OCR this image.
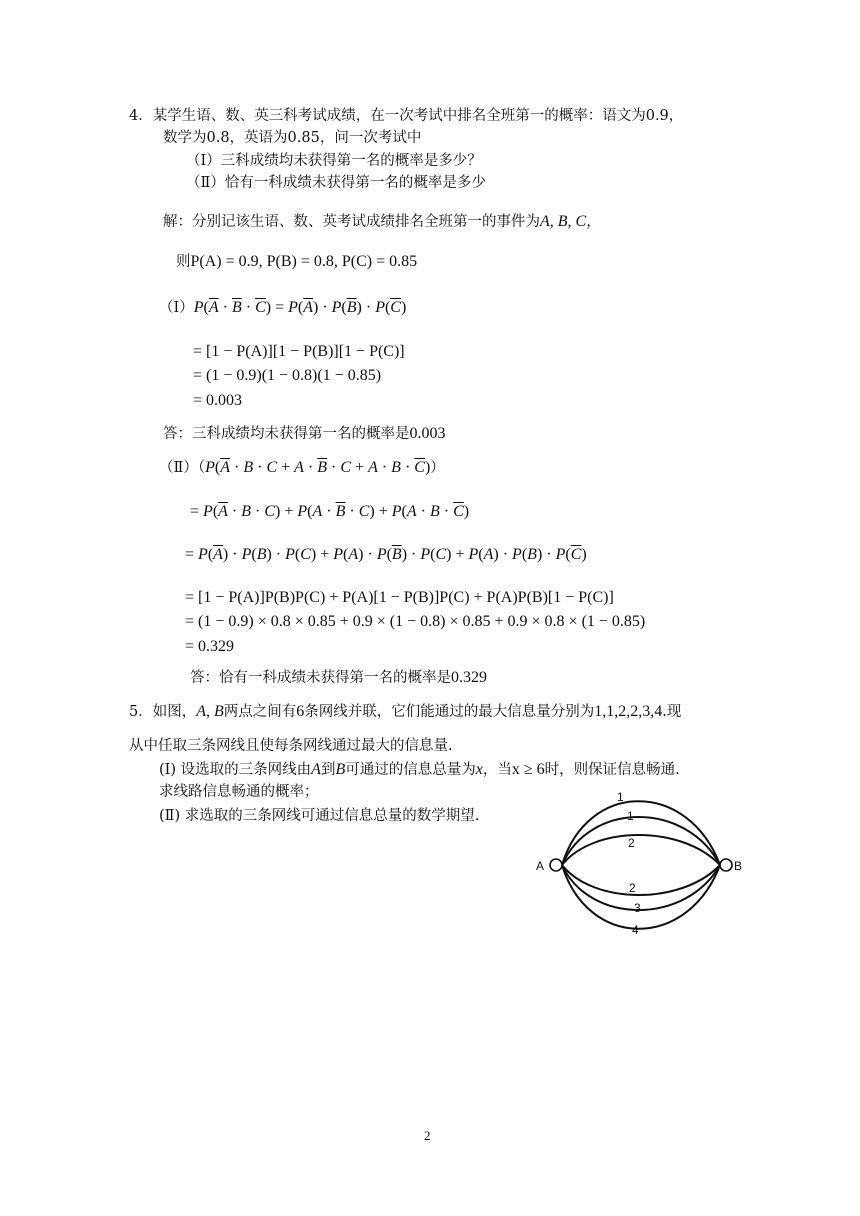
4．某学生语、数、英三科考试成绩，在一次考试中排名全班第一的概率：语文为0.9，
数学为0.8，英语为0.85，问一次考试中
（Ⅰ）三科成绩均未获得第一名的概率是多少？
（Ⅱ）恰有一科成绩未获得第一名的概率是多少
解：分别记该生语、数、英考试成绩排名全班第一的事件为A, B, C，
则P(A) = 0.9, P(B) = 0.8, P(C) = 0.85
$(Ⅰ)P(\overline{A} \cdot \overline{B} \cdot \overline{C}) = P(\overline{A}) \cdot P(\overline{B}) \cdot P(\overline{C})$
= [1 − P(A)][1 − P(B)][1 − P(C)]
= (1 − 0.9)(1 − 0.8)(1 − 0.85)
= 0.003
答：三科成绩均未获得第一名的概率是0.003
$(Ⅱ)(P(\overline{A} \cdot B \cdot C + A \cdot \overline{B} \cdot C + A \cdot B \cdot \overline{C}))$
= $P(\overline{A} \cdot B \cdot C) + P(A \cdot \overline{B} \cdot C) + P(A \cdot B \cdot \overline{C})$
= $P(\overline{A}) \cdot P(B) \cdot P(C) + P(A) \cdot P(\overline{B}) \cdot P(C) + P(A) \cdot P(B) \cdot P(\overline{C})$
= [1 − P(A)]P(B)P(C) + P(A)[1 − P(B)]P(C) + P(A)P(B)[1 − P(C)]
= (1 − 0.9) × 0.8 × 0.85 + 0.9 × (1 − 0.8) × 0.85 + 0.9 × 0.8 × (1 − 0.85)
= 0.329
答：恰有一科成绩未获得第一名的概率是0.329
5．如图，A, B两点之间有6条网线并联，它们能通过的最大信息量分别为1,1,2,2,3,4.现
从中任取三条网线且使每条网线通过最大的信息量.
(Ⅰ) 设选取的三条网线由A到B可通过的信息总量为x，当x ≥ 6时，则保证信息畅通.
求线路信息畅通的概率；
(Ⅱ) 求选取的三条网线可通过信息总量的数学期望.
A	B
1
1
2
2
3
4
2
